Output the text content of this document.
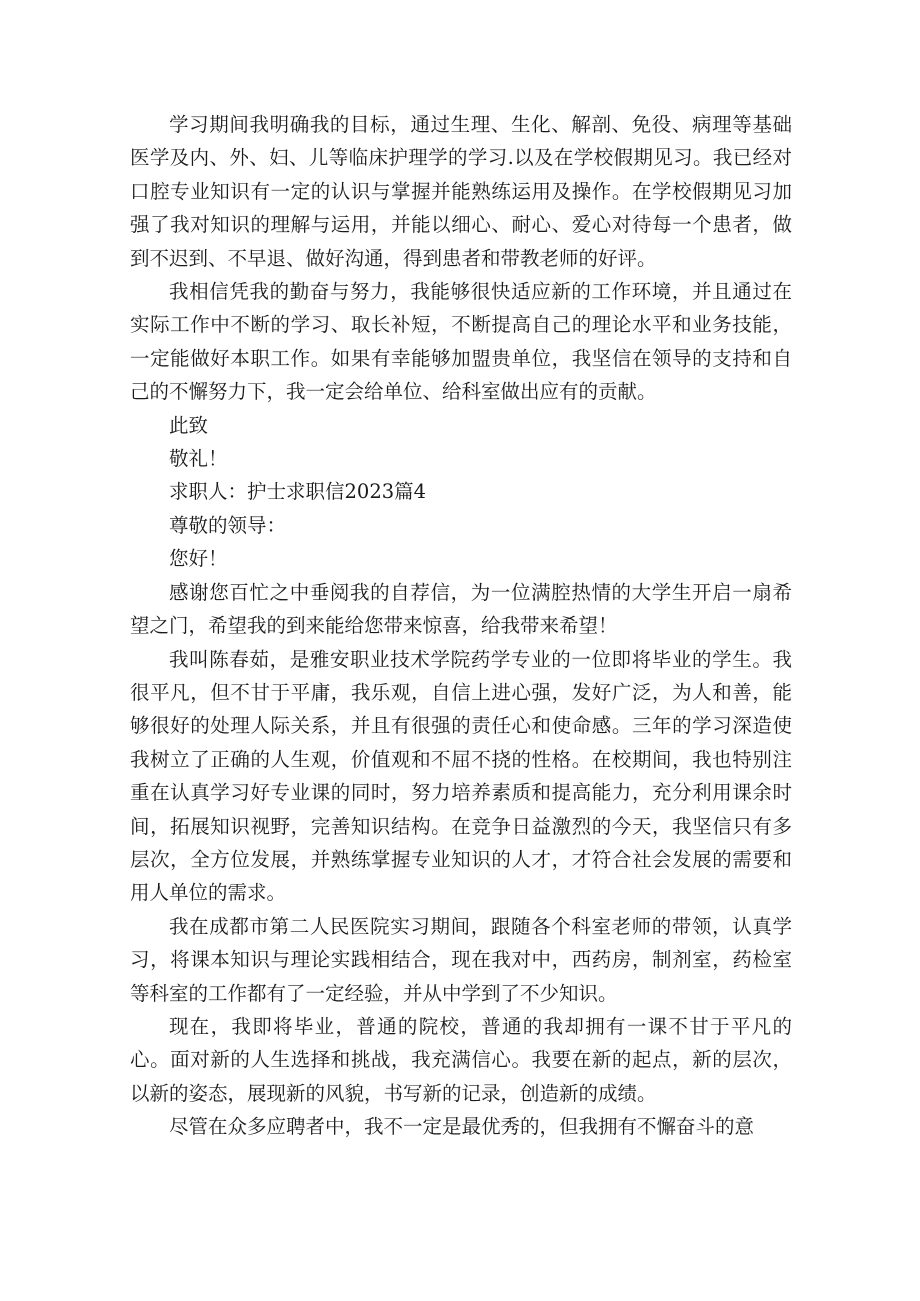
学习期间我明确我的目标，通过生理、生化、解剖、免役、病理等基础医学及内、外、妇、儿等临床护理学的学习.以及在学校假期见习。我已经对口腔专业知识有一定的认识与掌握并能熟练运用及操作。在学校假期见习加强了我对知识的理解与运用，并能以细心、耐心、爱心对待每一个患者，做到不迟到、不早退、做好沟通，得到患者和带教老师的好评。

我相信凭我的勤奋与努力，我能够很快适应新的工作环境，并且通过在实际工作中不断的学习、取长补短，不断提高自己的理论水平和业务技能，一定能做好本职工作。如果有幸能够加盟贵单位，我坚信在领导的支持和自己的不懈努力下，我一定会给单位、给科室做出应有的贡献。

此致

敬礼！

求职人：护士求职信2023篇4

尊敬的领导：

您好！

感谢您百忙之中垂阅我的自荐信，为一位满腔热情的大学生开启一扇希望之门，希望我的到来能给您带来惊喜，给我带来希望！

我叫陈春茹，是雅安职业技术学院药学专业的一位即将毕业的学生。我很平凡，但不甘于平庸，我乐观，自信上进心强，发好广泛，为人和善，能够很好的处理人际关系，并且有很强的责任心和使命感。三年的学习深造使我树立了正确的人生观，价值观和不屈不挠的性格。在校期间，我也特别注重在认真学习好专业课的同时，努力培养素质和提高能力，充分利用课余时间，拓展知识视野，完善知识结构。在竞争日益激烈的今天，我坚信只有多层次，全方位发展，并熟练掌握专业知识的人才，才符合社会发展的需要和用人单位的需求。

我在成都市第二人民医院实习期间，跟随各个科室老师的带领，认真学习，将课本知识与理论实践相结合，现在我对中，西药房，制剂室，药检室等科室的工作都有了一定经验，并从中学到了不少知识。

现在，我即将毕业，普通的院校，普通的我却拥有一课不甘于平凡的心。面对新的人生选择和挑战，我充满信心。我要在新的起点，新的层次，以新的姿态，展现新的风貌，书写新的记录，创造新的成绩。

尽管在众多应聘者中，我不一定是最优秀的，但我拥有不懈奋斗的意
